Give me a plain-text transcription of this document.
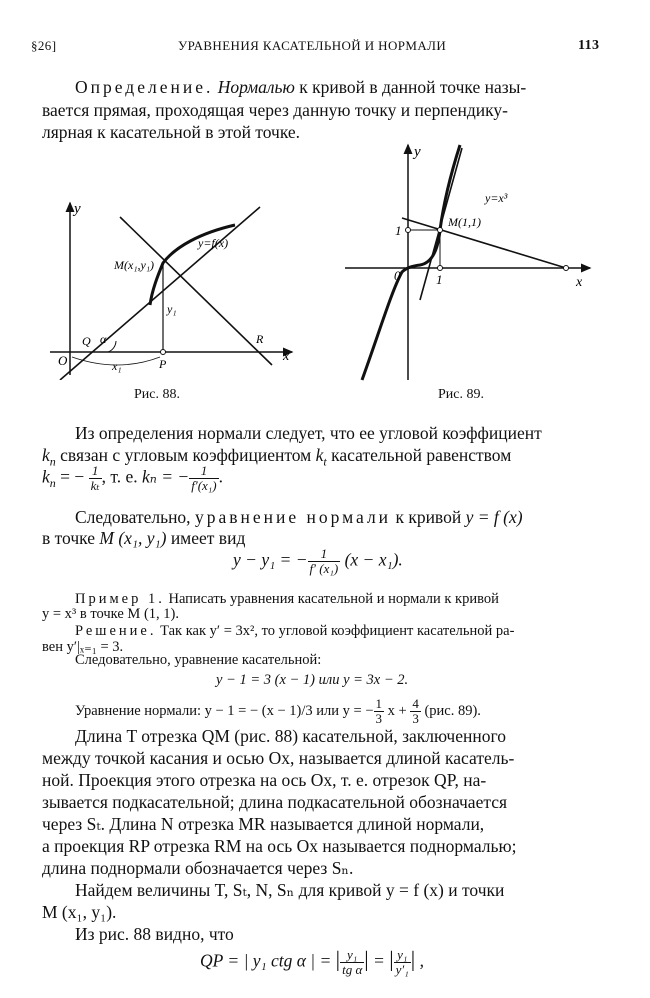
§26]	УРАВНЕНИЯ КАСАТЕЛЬНОЙ И НОРМАЛИ	113
Определение. Нормалью к кривой в данной точке назы-
вается прямая, проходящая через данную точку и перпендику-
лярная к касательной в этой точке.
y
x
O
Q α
x₁	P
R
y₁
M(x₁,y₁)
y=f(x)
Рис. 88.
y
x
0	1
1
M(1,1)
y=x³
Рис. 89.
Из определения нормали следует, что ее угловой коэффициент
$k_n$ связан с угловым коэффициентом $k_t$ касательной равенством
$k_n$ = − $\frac{1}{\text{kₜ}}$ , т. е. kₙ = − $\frac{1}{\text{f′(x₁)}}$ .
Следовательно, уравнение нормали к кривой y = f (x)
в точке M (x₁, y₁) имеет вид
y − y₁ = − $\frac{1}{\text{f′ (x₁)}} (x - x_1)$.
Пример 1. Написать уравнения касательной и нормали к кривой
y = x³ в точке M (1, 1).
Решение. Так как y′ = 3x², то угловой коэффициент касательной ра-
вен y′|ₓ₌₁ = 3.
Следовательно, уравнение касательной:
y − 1 = 3 (x − 1) или y = 3x − 2.
Уравнение нормали: y − 1 = − (x − 1)/3 или y = − $\frac{1}{3}$ $x + \frac{4}{3} (рис$. 89).
Длина T отрезка QM (рис. 88) касательной, заключенного
между точкой касания и осью Ox, называется длиной касатель-
ной. Проекция этого отрезка на ось Ox, т. е. отрезок QP, на-
зывается подкасательной; длина подкасательной обозначается
через Sₜ. Длина N отрезка MR называется длиной нормали,
а проекция RP отрезка RM на ось Ox называется поднормалью;
длина поднормали обозначается через Sₙ.
Найдем величины T, Sₜ, N, Sₙ для кривой y = f (x) и точки
M (x₁, y₁).
Из рис. 88 видно, что
QP = | y₁ ctg α | = | $\frac{\text{y₁}}{\text{tg α}}$ | = | $\frac{\text{y₁}}{\text{y′₁}}$ | ,
